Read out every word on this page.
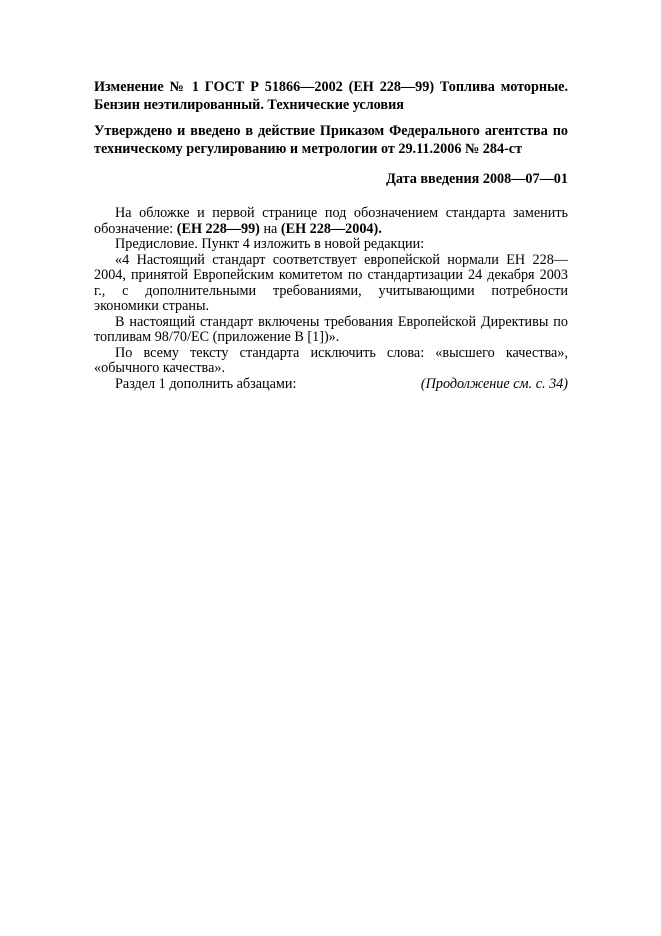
Изменение № 1 ГОСТ Р 51866—2002 (ЕН 228—99) Топлива моторные. Бензин неэтилированный. Технические условия

Утверждено и введено в действие Приказом Федерального агентства по техническому регулированию и метрологии от 29.11.2006 № 284-ст

Дата введения 2008—07—01

На обложке и первой странице под обозначением стандарта заменить обозначение: (ЕН 228—99) на (ЕН 228—2004).

Предисловие. Пункт 4 изложить в новой редакции:

«4 Настоящий стандарт соответствует европейской нормали ЕН 228—2004, принятой Европейским комитетом по стандартизации 24 декабря 2003 г., с дополнительными требованиями, учитывающими потребности экономики страны.

В настоящий стандарт включены требования Европейской Директивы по топливам 98/70/ЕС (приложение В [1])».

По всему тексту стандарта исключить слова: «высшего качества», «обычного качества».

Раздел 1 дополнить абзацами:	(Продолжение см. с. 34)
